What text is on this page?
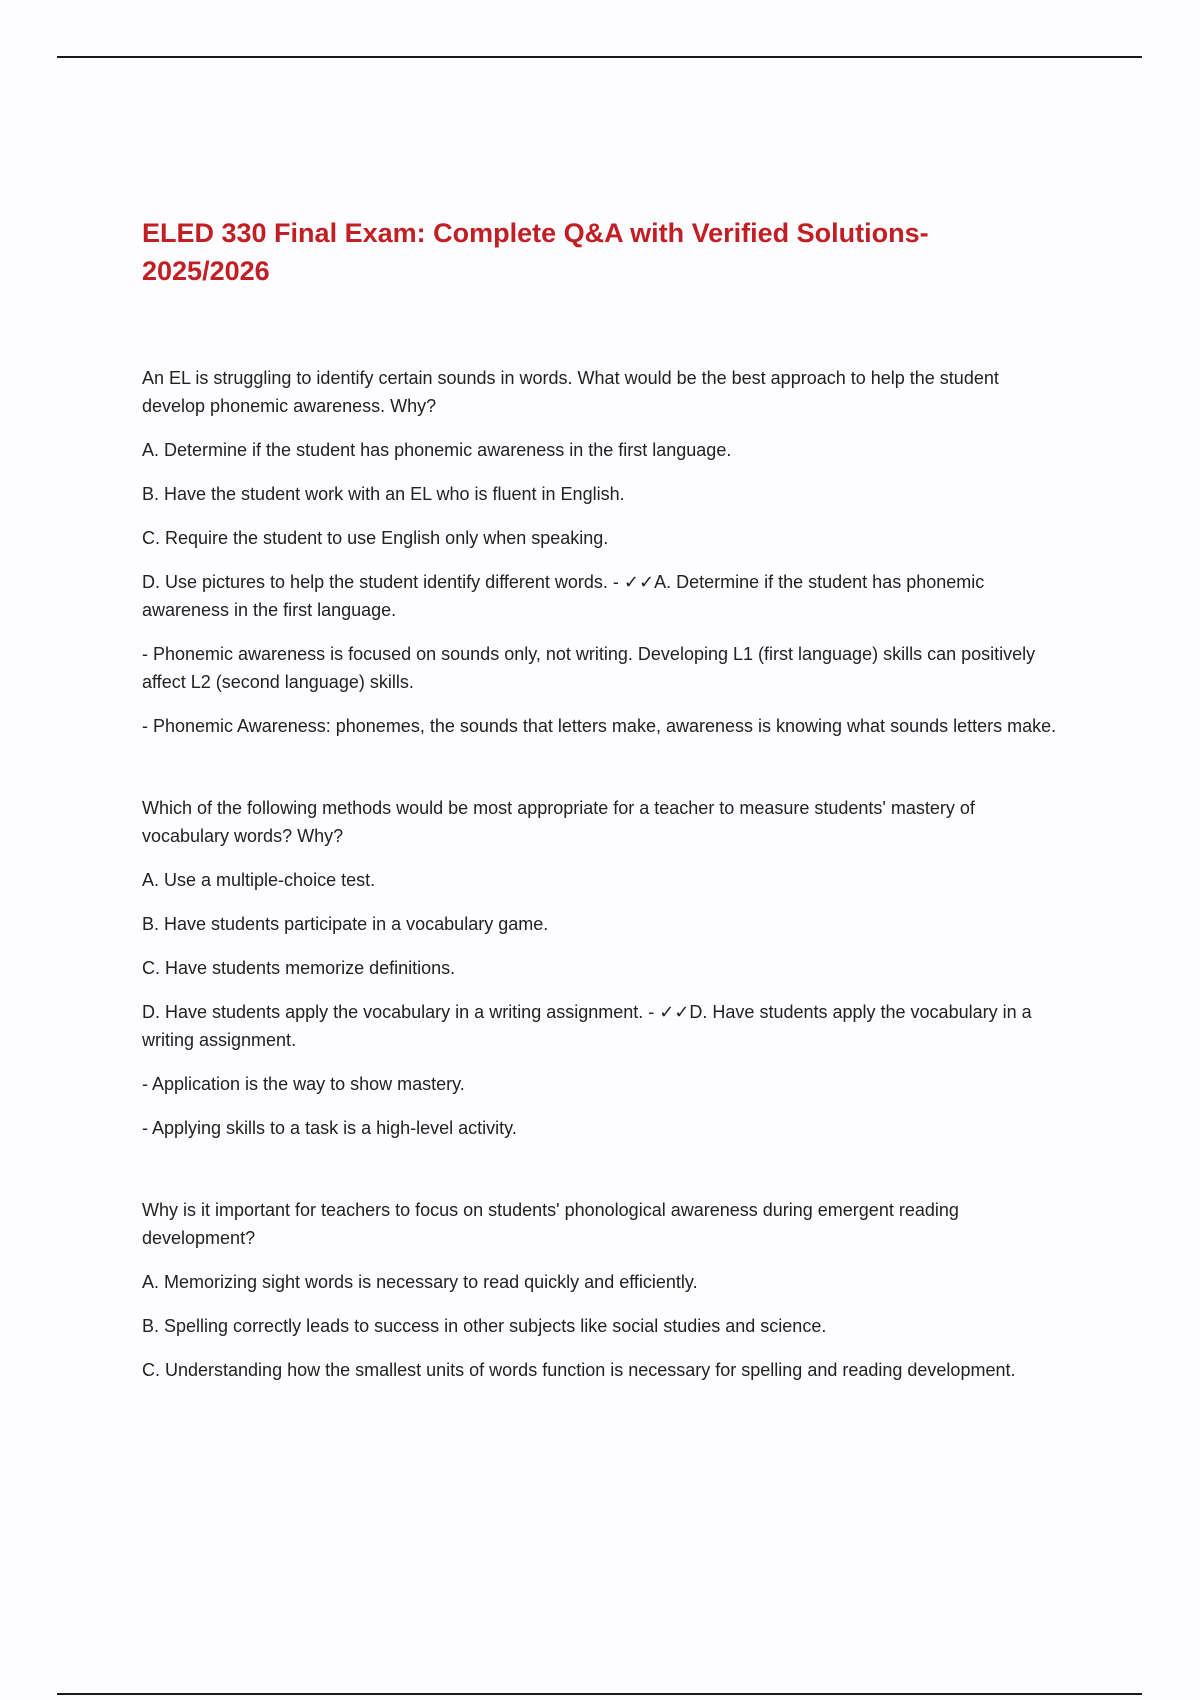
ELED 330 Final Exam: Complete Q&A with Verified Solutions- 2025/2026

An EL is struggling to identify certain sounds in words. What would be the best approach to help the student develop phonemic awareness. Why?

A. Determine if the student has phonemic awareness in the first language.

B. Have the student work with an EL who is fluent in English.

C. Require the student to use English only when speaking.

D. Use pictures to help the student identify different words. - ✓✓A. Determine if the student has phonemic awareness in the first language.

- Phonemic awareness is focused on sounds only, not writing. Developing L1 (first language) skills can positively affect L2 (second language) skills.

- Phonemic Awareness: phonemes, the sounds that letters make, awareness is knowing what sounds letters make.

Which of the following methods would be most appropriate for a teacher to measure students' mastery of vocabulary words? Why?

A. Use a multiple-choice test.

B. Have students participate in a vocabulary game.

C. Have students memorize definitions.

D. Have students apply the vocabulary in a writing assignment. - ✓✓D. Have students apply the vocabulary in a writing assignment.

- Application is the way to show mastery.

- Applying skills to a task is a high-level activity.

Why is it important for teachers to focus on students' phonological awareness during emergent reading development?

A. Memorizing sight words is necessary to read quickly and efficiently.

B. Spelling correctly leads to success in other subjects like social studies and science.

C. Understanding how the smallest units of words function is necessary for spelling and reading development.
